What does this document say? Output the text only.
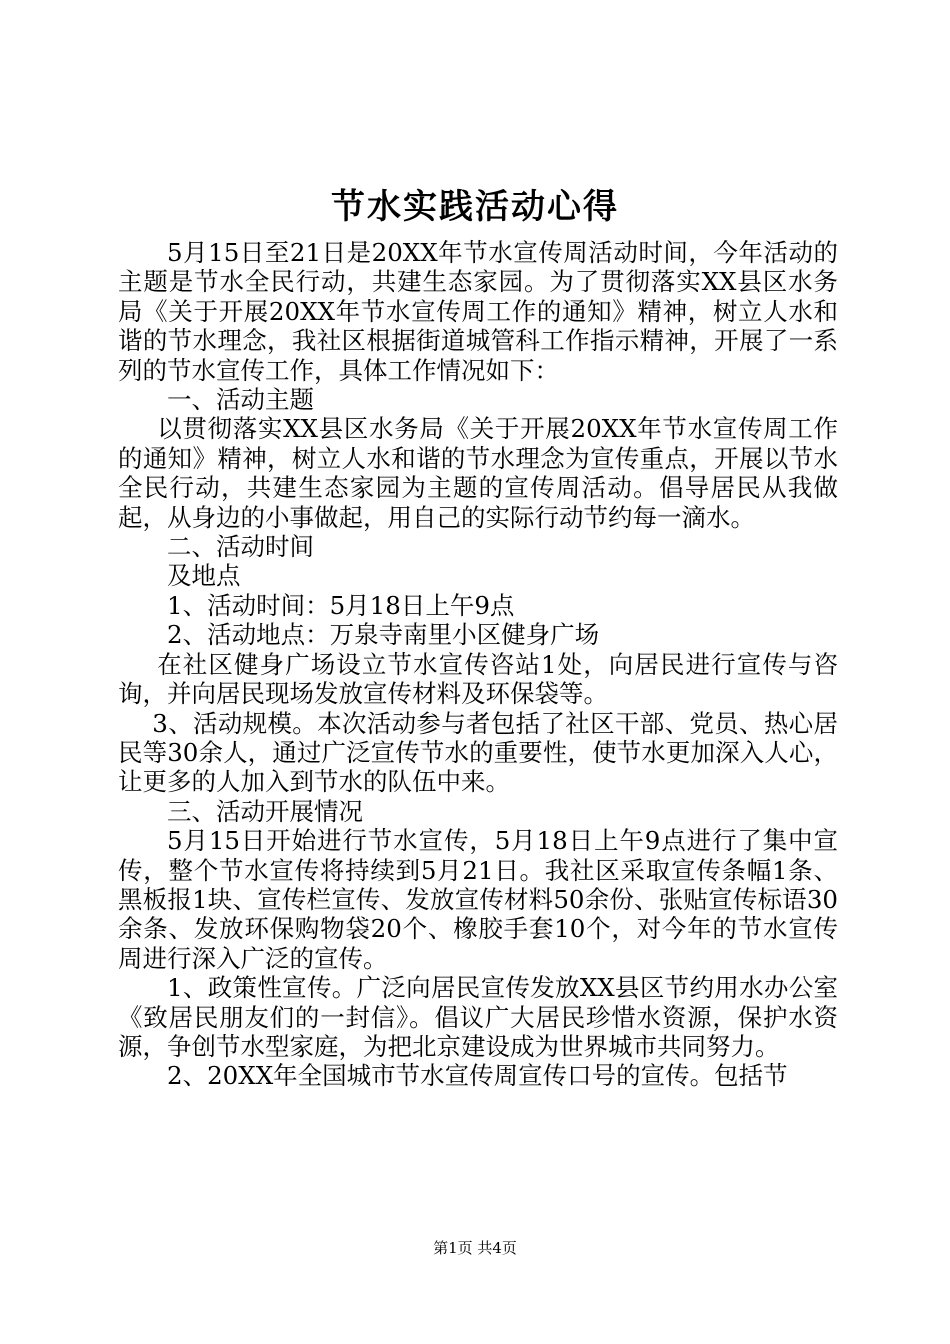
节水实践活动心得

5月15日至21日是20XX年节水宣传周活动时间，今年活动的主题是节水全民行动，共建生态家园。为了贯彻落实XX县区水务局《关于开展20XX年节水宣传周工作的通知》精神，树立人水和谐的节水理念，我社区根据街道城管科工作指示精神，开展了一系列的节水宣传工作，具体工作情况如下：

一、活动主题

以贯彻落实XX县区水务局《关于开展20XX年节水宣传周工作的通知》精神，树立人水和谐的节水理念为宣传重点，开展以节水全民行动，共建生态家园为主题的宣传周活动。倡导居民从我做起，从身边的小事做起，用自己的实际行动节约每一滴水。

二、活动时间

及地点

1、活动时间：5月18日上午9点

2、活动地点：万泉寺南里小区健身广场

在社区健身广场设立节水宣传咨站1处，向居民进行宣传与咨询，并向居民现场发放宣传材料及环保袋等。

3、活动规模。本次活动参与者包括了社区干部、党员、热心居民等30余人，通过广泛宣传节水的重要性，使节水更加深入人心，让更多的人加入到节水的队伍中来。

三、活动开展情况

5月15日开始进行节水宣传，5月18日上午9点进行了集中宣传，整个节水宣传将持续到5月21日。我社区采取宣传条幅1条、黑板报1块、宣传栏宣传、发放宣传材料50余份、张贴宣传标语30余条、发放环保购物袋20个、橡胶手套10个，对今年的节水宣传周进行深入广泛的宣传。

1、政策性宣传。广泛向居民宣传发放XX县区节约用水办公室《致居民朋友们的一封信》。倡议广大居民珍惜水资源，保护水资源，争创节水型家庭，为把北京建设成为世界城市共同努力。

2、20XX年全国城市节水宣传周宣传口号的宣传。包括节

第1页 共4页
